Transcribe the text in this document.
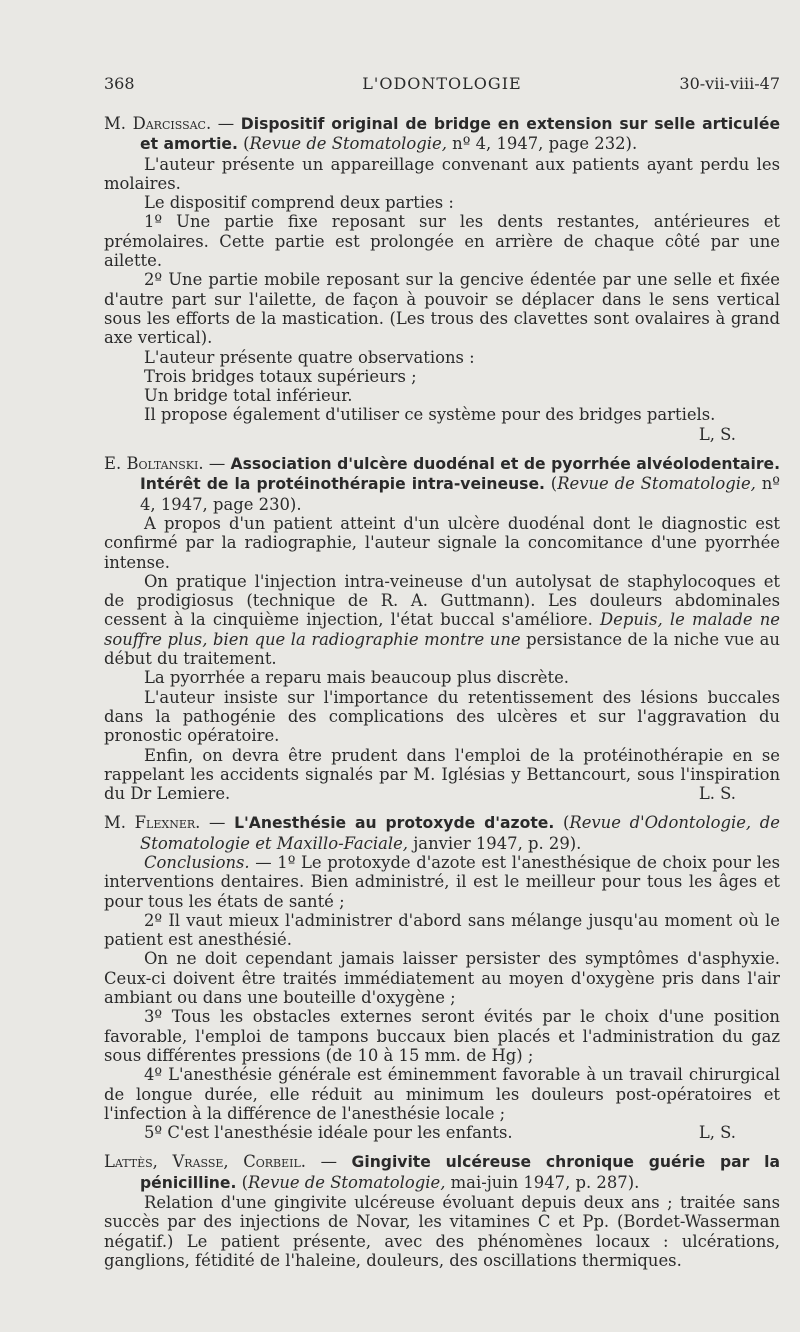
368	L'ODONTOLOGIE	30-vii-viii-47

M. Darcissac. — Dispositif original de bridge en extension sur selle articulée et amortie. (Revue de Stomatologie, nº 4, 1947, page 232).

L'auteur présente un appareillage convenant aux patients ayant perdu les molaires.

Le dispositif comprend deux parties :

1º Une partie fixe reposant sur les dents restantes, antérieures et prémolaires. Cette partie est prolongée en arrière de chaque côté par une ailette.

2º Une partie mobile reposant sur la gencive édentée par une selle et fixée d'autre part sur l'ailette, de façon à pouvoir se déplacer dans le sens vertical sous les efforts de la mastication. (Les trous des clavettes sont ovalaires à grand axe vertical).

L'auteur présente quatre observations :

Trois bridges totaux supérieurs ;

Un bridge total inférieur.

Il propose également d'utiliser ce système pour des bridges partiels.

L, S.

E. Boltanski. — Association d'ulcère duodénal et de pyorrhée alvéolodentaire. Intérêt de la protéinothérapie intra-veineuse. (Revue de Stomatologie, nº 4, 1947, page 230).

A propos d'un patient atteint d'un ulcère duodénal dont le diagnostic est confirmé par la radiographie, l'auteur signale la concomitance d'une pyorrhée intense.

On pratique l'injection intra-veineuse d'un autolysat de staphylocoques et de prodigiosus (technique de R. A. Guttmann). Les douleurs abdominales cessent à la cinquième injection, l'état buccal s'améliore. Depuis, le malade ne souffre plus, bien que la radiographie montre une persistance de la niche vue au début du traitement.

La pyorrhée a reparu mais beaucoup plus discrète.

L'auteur insiste sur l'importance du retentissement des lésions buccales dans la pathogénie des complications des ulcères et sur l'aggravation du pronostic opératoire.

Enfin, on devra être prudent dans l'emploi de la protéinothérapie en se rappelant les accidents signalés par M. Iglésias y Bettancourt, sous l'inspiration du Dr Lemiere.	L. S.

M. Flexner. — L'Anesthésie au protoxyde d'azote. (Revue d'Odontologie, de Stomatologie et Maxillo-Faciale, janvier 1947, p. 29).

Conclusions. — 1º Le protoxyde d'azote est l'anesthésique de choix pour les interventions dentaires. Bien administré, il est le meilleur pour tous les âges et pour tous les états de santé ;

2º Il vaut mieux l'administrer d'abord sans mélange jusqu'au moment où le patient est anesthésié.

On ne doit cependant jamais laisser persister des symptômes d'asphyxie. Ceux-ci doivent être traités immédiatement au moyen d'oxygène pris dans l'air ambiant ou dans une bouteille d'oxygène ;

3º Tous les obstacles externes seront évités par le choix d'une position favorable, l'emploi de tampons buccaux bien placés et l'administration du gaz sous différentes pressions (de 10 à 15 mm. de Hg) ;

4º L'anesthésie générale est éminemment favorable à un travail chirurgical de longue durée, elle réduit au minimum les douleurs post-opératoires et l'infection à la différence de l'anesthésie locale ;

5º C'est l'anesthésie idéale pour les enfants.	L, S.

Lattès, Vrasse, Corbeil. — Gingivite ulcéreuse chronique guérie par la pénicilline. (Revue de Stomatologie, mai-juin 1947, p. 287).

Relation d'une gingivite ulcéreuse évoluant depuis deux ans ; traitée sans succès par des injections de Novar, les vitamines C et Pp. (Bordet-Wasserman négatif.) Le patient présente, avec des phénomènes locaux : ulcérations, ganglions, fétidité de l'haleine, douleurs, des oscillations thermiques.
